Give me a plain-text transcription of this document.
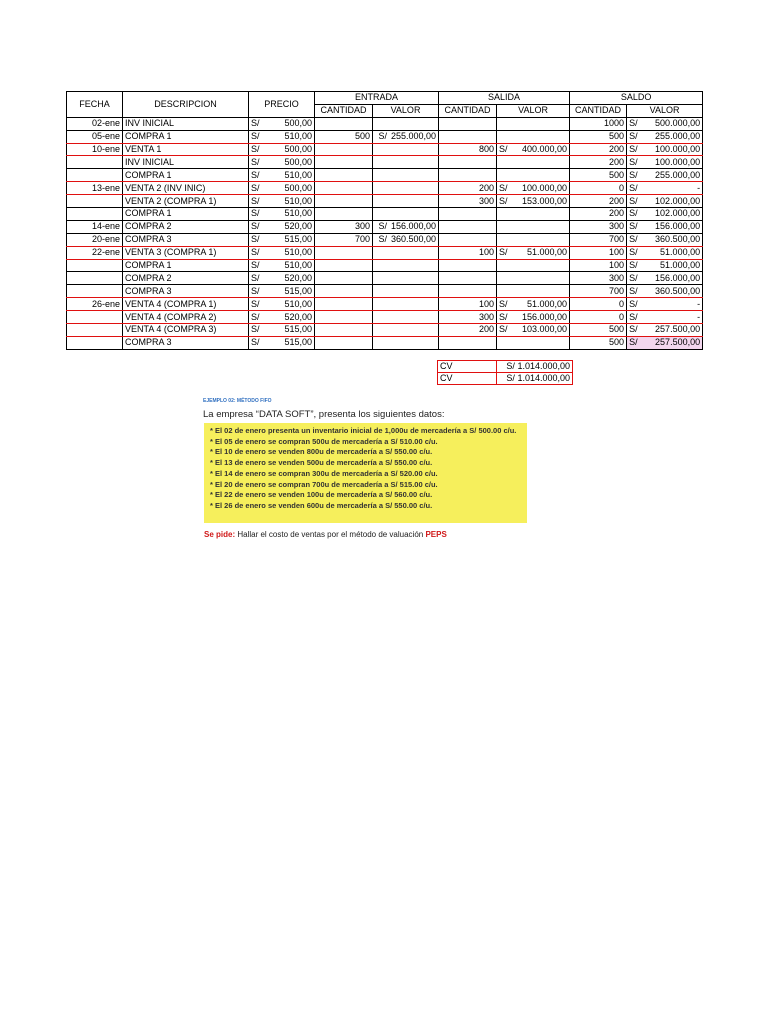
FECHA	DESCRIPCION	PRECIO		ENTRADA		SALIDA			SALDO		
				CANTIDAD	VALOR	CANTIDAD	VALOR		CANTIDAD	VALOR	
02-ene	INV INICIAL	S/	500,00						1000	S/	500.000,00
05-ene	COMPRA 1	S/	510,00	500	S/ 255.000,00				500	S/	255.000,00
10-ene	VENTA 1	S/	500,00			800	S/	400.000,00	200	S/	100.000,00
	INV INICIAL	S/	500,00						200	S/	100.000,00
	COMPRA 1	S/	510,00						500	S/	255.000,00
13-ene	VENTA 2 (INV INIC)	S/	500,00			200	S/	100.000,00	0	S/	-
	VENTA 2 (COMPRA 1)	S/	510,00			300	S/	153.000,00	200	S/	102.000,00
	COMPRA 1	S/	510,00						200	S/	102.000,00
14-ene	COMPRA 2	S/	520,00	300	S/ 156.000,00				300	S/	156.000,00
20-ene	COMPRA 3	S/	515,00	700	S/ 360.500,00				700	S/	360.500,00
22-ene	VENTA 3 (COMPRA 1)	S/	510,00			100	S/	51.000,00	100	S/	51.000,00
	COMPRA 1	S/	510,00						100	S/	51.000,00
	COMPRA 2	S/	520,00						300	S/	156.000,00
	COMPRA 3	S/	515,00						700	S/	360.500,00
26-ene	VENTA 4 (COMPRA 1)	S/	510,00			100	S/	51.000,00	0	S/	-
	VENTA 4 (COMPRA 2)	S/	520,00			300	S/	156.000,00	0	S/	-
	VENTA 4 (COMPRA 3)	S/	515,00			200	S/	103.000,00	500	S/	257.500,00
	COMPRA 3	S/	515,00						500	S/	257.500,00
CV	S/ 1.014.000,00
CV	S/ 1.014.000,00
EJEMPLO 02: MÉTODO FIFO
La empresa “DATA SOFT”, presenta los siguientes datos:
* El 02 de enero presenta un inventario inicial de 1,000u de mercadería a S/ 500.00 c/u.
* El 05 de enero se compran 500u de mercadería a S/ 510.00 c/u.
* El 10 de enero se venden 800u de mercadería a S/ 550.00 c/u.
* El 13 de enero se venden 500u de mercadería a S/ 550.00 c/u.
* El 14 de enero se compran 300u de mercadería a S/ 520.00 c/u.
* El 20 de enero se compran 700u de mercadería a S/ 515.00 c/u.
* El 22 de enero se venden 100u de mercadería a S/ 560.00 c/u.
* El 26 de enero se venden 600u de mercadería a S/ 550.00 c/u.
Se pide: Hallar el costo de ventas por el método de valuación PEPS
